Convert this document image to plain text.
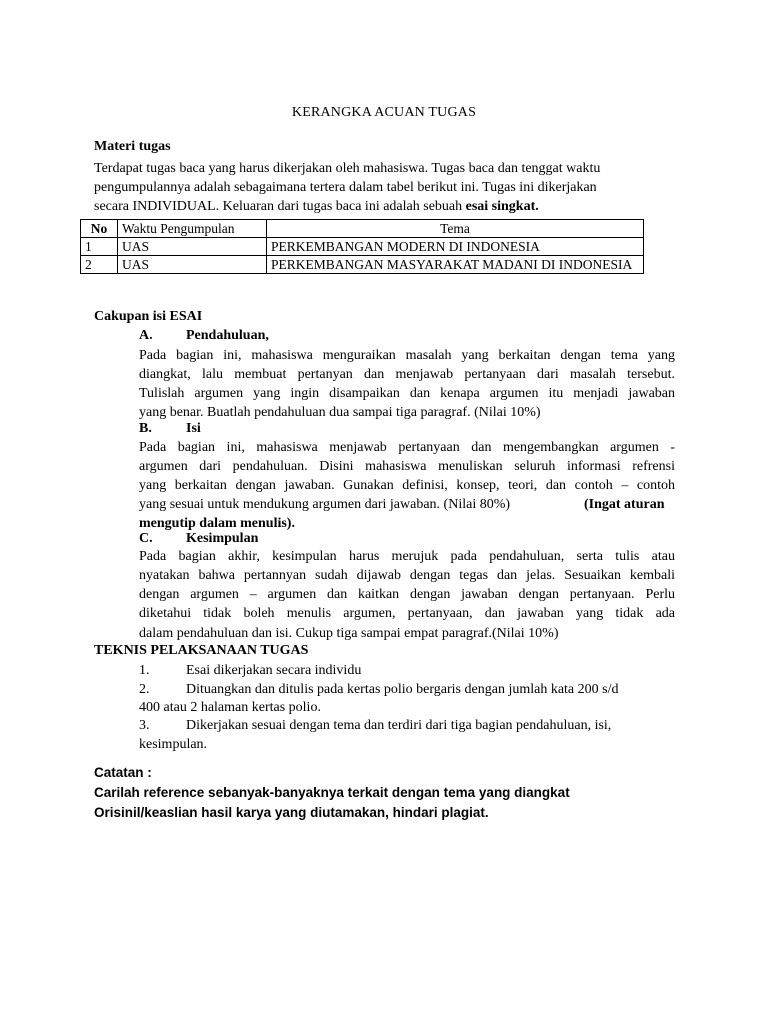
KERANGKA ACUAN TUGAS
Materi tugas
Terdapat tugas baca yang harus dikerjakan oleh mahasiswa. Tugas baca dan tenggat waktu
pengumpulannya adalah sebagaimana tertera dalam tabel berikut ini. Tugas ini dikerjakan
secara INDIVIDUAL. Keluaran dari tugas baca ini adalah sebuah esai singkat.
No	Waktu Pengumpulan	Tema
1	UAS	PERKEMBANGAN MODERN DI INDONESIA
2	UAS	PERKEMBANGAN MASYARAKAT MADANI DI INDONESIA
Cakupan isi ESAI
A. Pendahuluan,
Pada bagian ini, mahasiswa menguraikan masalah yang berkaitan dengan tema yang
diangkat, lalu membuat pertanyan dan menjawab pertanyaan dari masalah tersebut.
Tulislah argumen yang ingin disampaikan dan kenapa argumen itu menjadi jawaban
yang benar. Buatlah pendahuluan dua sampai tiga paragraf. (Nilai 10%)
B. Isi
Pada bagian ini, mahasiswa menjawab pertanyaan dan mengembangkan argumen -
argumen dari pendahuluan. Disini mahasiswa menuliskan seluruh informasi refrensi
yang berkaitan dengan jawaban. Gunakan definisi, konsep, teori, dan contoh – contoh
yang sesuai untuk mendukung argumen dari jawaban. (Nilai 80%)	(Ingat aturan
mengutip dalam menulis).
C. Kesimpulan
Pada bagian akhir, kesimpulan harus merujuk pada pendahuluan, serta tulis atau
nyatakan bahwa pertannyan sudah dijawab dengan tegas dan jelas. Sesuaikan kembali
dengan argumen – argumen dan kaitkan dengan jawaban dengan pertanyaan. Perlu
diketahui tidak boleh menulis argumen, pertanyaan, dan jawaban yang tidak ada
dalam pendahuluan dan isi. Cukup tiga sampai empat paragraf.(Nilai 10%)
TEKNIS PELAKSANAAN TUGAS
1.	Esai dikerjakan secara individu
2.	Dituangkan dan ditulis pada kertas polio bergaris dengan jumlah kata 200 s/d
400 atau 2 halaman kertas polio.
3.	Dikerjakan sesuai dengan tema dan terdiri dari tiga bagian pendahuluan, isi,
kesimpulan.
Catatan :
Carilah reference sebanyak-banyaknya terkait dengan tema yang diangkat
Orisinil/keaslian hasil karya yang diutamakan, hindari plagiat.
